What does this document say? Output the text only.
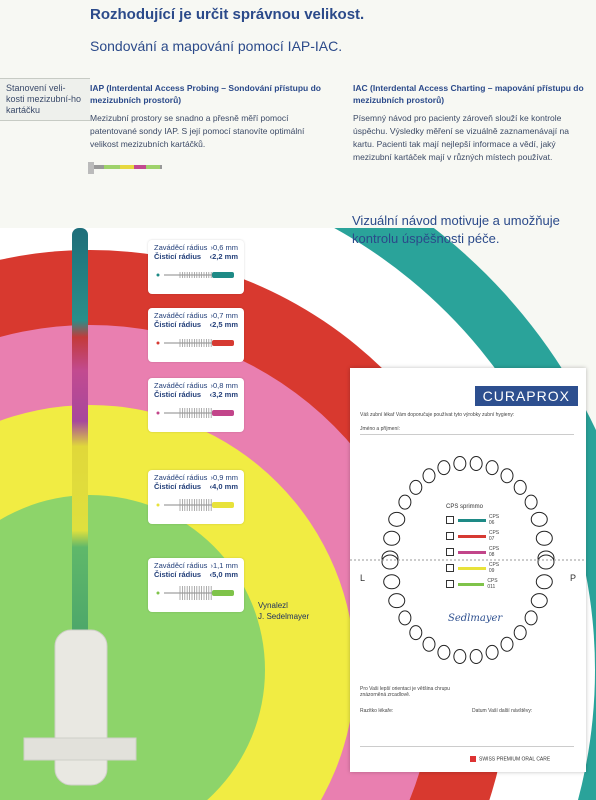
Rozhodující je určit správnou velikost.
Sondování a mapování pomocí IAP-IAC.
Stanovení veli-kosti mezizubní-ho kartáčku
IAP (Interdental Access Probing – Sondování přístupu do mezizubních prostorů)
Mezizubní prostory se snadno a přesně měří pomocí patentované sondy IAP. S její pomocí stanovíte optimální velikost mezizubních kartáčků.
IAC (Interdental Access Charting – mapování přístupu do mezizubních prostorů)
Písemný návod pro pacienty zároveň slouží ke kontrole úspěchu. Výsledky měření se vizuálně zaznamenávají na kartu. Pacienti tak mají nejlepší informace a vědí, jaký mezizubní kartáček mají v různých místech používat.
Vizuální návod motivuje a umožňuje kontrolu úspěšnosti péče.
Zaváděcí rádius ›0,6 mm
Čisticí rádius ‹2,2 mm
Zaváděcí rádius ›0,7 mm
Čisticí rádius ‹2,5 mm
Zaváděcí rádius ›0,8 mm
Čisticí rádius ‹3,2 mm
Zaváděcí rádius ›0,9 mm
Čisticí rádius ‹4,0 mm
Zaváděcí rádius ›1,1 mm
Čisticí rádius ‹5,0 mm
Vynalezl
J. Sedelmayer
CURAPROX
Váš zubní lékař Vám doporučuje používat tyto výrobky zubní hygieny:
Jméno a příjmení:
L	P
CPS sprimmo
CPS 06
CPS 07
CPS 08
CPS 09
CPS 011
Sedlmayer
Pro Vaši lepší orientaci je většina chrupu znázorněná zrcadlově.
Razítko lékaře:	Datum Vaší další návštěvy:
SWISS PREMIUM ORAL CARE
